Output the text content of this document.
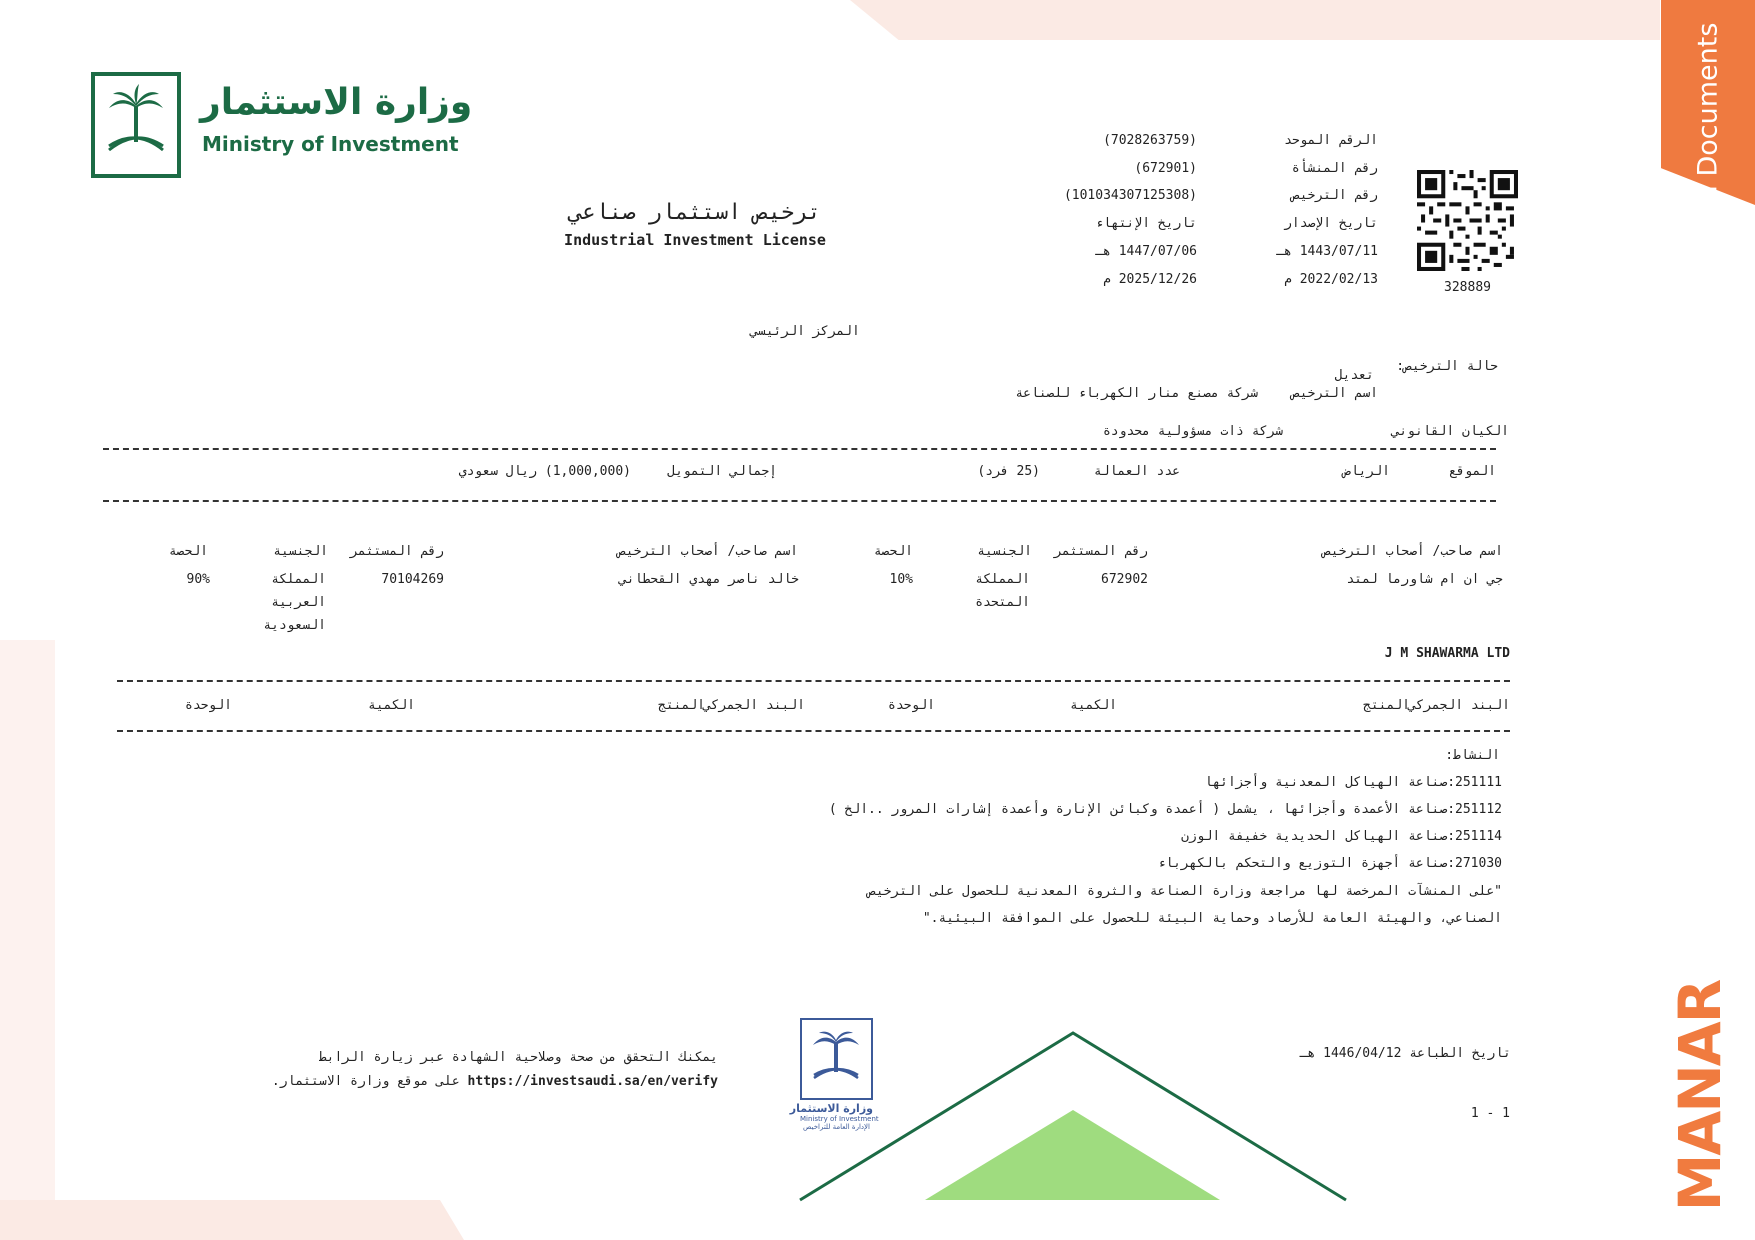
Legal Documents
MANAR
وزارة الاستثمار
Ministry of Investment
ترخيص استثمار صناعي
Industrial Investment License
الرقم الموحد
(7028263759)
رقم المنشأة
(672901)
رقم الترخيص
(101034307125308)
تاريخ الإصدار
تاريخ الإنتهاء
1443/07/11 هـ
1447/07/06 هـ
2022/02/13 م
2025/12/26 م
328889
المركز الرئيسي
حالة الترخيص:
تعديل
اسم الترخيص
شركة مصنع منار الكهرباء للصناعة
الكيان القانوني
شركة ذات مسؤولية محدودة
الموقع
الرياض
عدد العمالة
(25 فرد)
إجمالي التمويل
(1,000,000) ريال سعودي
اسم صاحب/ أصحاب الترخيص
رقم المستثمر
الجنسية
الحصة
اسم صاحب/ أصحاب الترخيص
رقم المستثمر
الجنسية
الحصة
جي ان ام شاورما لمتد
672902
المملكة
المتحدة
10%
خالد ناصر مهدي القحطاني
70104269
المملكة
العربية
السعودية
90%
J M SHAWARMA LTD
البند الجمركي
المنتج
الكمية
الوحدة
البند الجمركي
المنتج
الكمية
الوحدة
النشاط:
251111:صناعة الهياكل المعدنية وأجزائها
251112:صناعة الأعمدة وأجزائها ، يشمل ( أعمدة وكبائن الإنارة وأعمدة إشارات المرور ..الخ )
251114:صناعة الهياكل الحديدية خفيفة الوزن
271030:صناعة أجهزة التوزيع والتحكم بالكهرباء
"على المنشآت المرخصة لها مراجعة وزارة الصناعة والثروة المعدنية للحصول على الترخيص
الصناعي، والهيئة العامة للأرصاد وحماية البيئة للحصول على الموافقة البيئية."
تاريخ الطباعة 1446/04/12 هـ
1 - 1
يمكنك التحقق من صحة وصلاحية الشهادة عبر زيارة الرابط
https://investsaudi.sa/en/verify على موقع وزارة الاستثمار.
وزارة الاستثمار
Ministry of Investment
الإدارة العامة للتراخيص
